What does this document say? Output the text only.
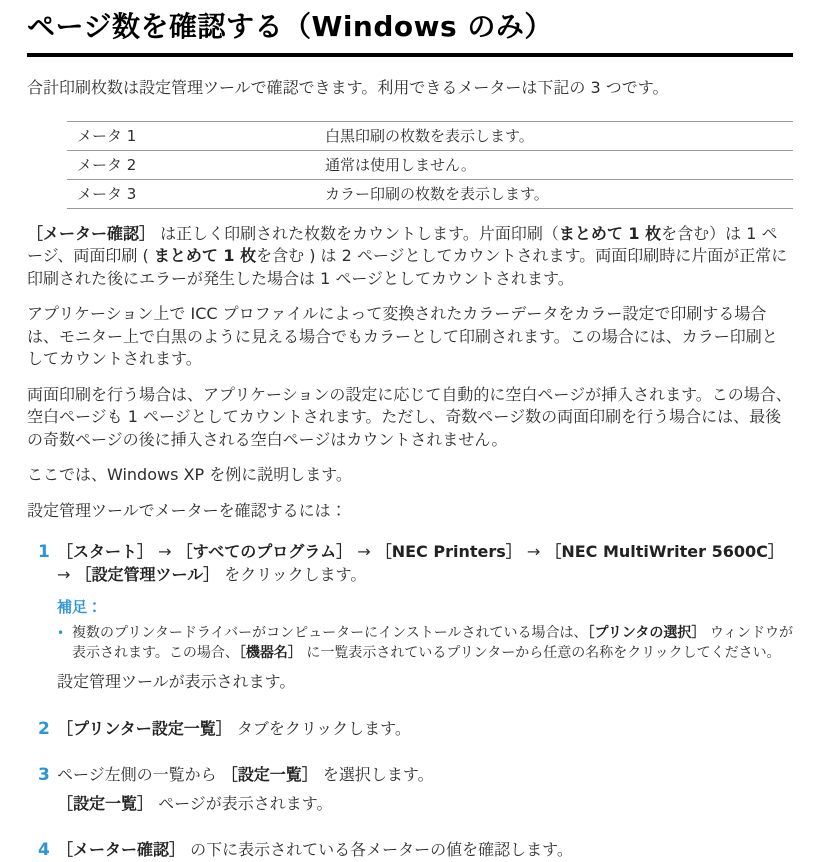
ページ数を確認する（Windows のみ）

合計印刷枚数は設定管理ツールで確認できます。利用できるメーターは下記の 3 つです。

メータ 1	白黒印刷の枚数を表示します。
メータ 2	通常は使用しません。
メータ 3	カラー印刷の枚数を表示します。

［メーター確認］ は正しく印刷された枚数をカウントします。片面印刷（まとめて 1 枚を含む）は 1 ページ、両面印刷 ( まとめて 1 枚を含む ) は 2 ページとしてカウントされます。両面印刷時に片面が正常に印刷された後にエラーが発生した場合は 1 ページとしてカウントされます。

アプリケーション上で ICC プロファイルによって変換されたカラーデータをカラー設定で印刷する場合は、モニター上で白黒のように見える場合でもカラーとして印刷されます。この場合には、カラー印刷としてカウントされます。

両面印刷を行う場合は、アプリケーションの設定に応じて自動的に空白ページが挿入されます。この場合、空白ページも 1 ページとしてカウントされます。ただし、奇数ページ数の両面印刷を行う場合には、最後の奇数ページの後に挿入される空白ページはカウントされません。

ここでは、Windows XP を例に説明します。

設定管理ツールでメーターを確認するには：

1 ［スタート］ → ［すべてのプログラム］ → ［NEC Printers］ → ［NEC MultiWriter 5600C］ → ［設定管理ツール］ をクリックします。

補足：

• 複数のプリンタードライバーがコンピューターにインストールされている場合は、［プリンタの選択］ ウィンドウが表示されます。この場合、［機器名］ に一覧表示されているプリンターから任意の名称をクリックしてください。

設定管理ツールが表示されます。

2 ［プリンター設定一覧］ タブをクリックします。

3 ページ左側の一覧から ［設定一覧］ を選択します。

［設定一覧］ ページが表示されます。

4 ［メーター確認］ の下に表示されている各メーターの値を確認します。
